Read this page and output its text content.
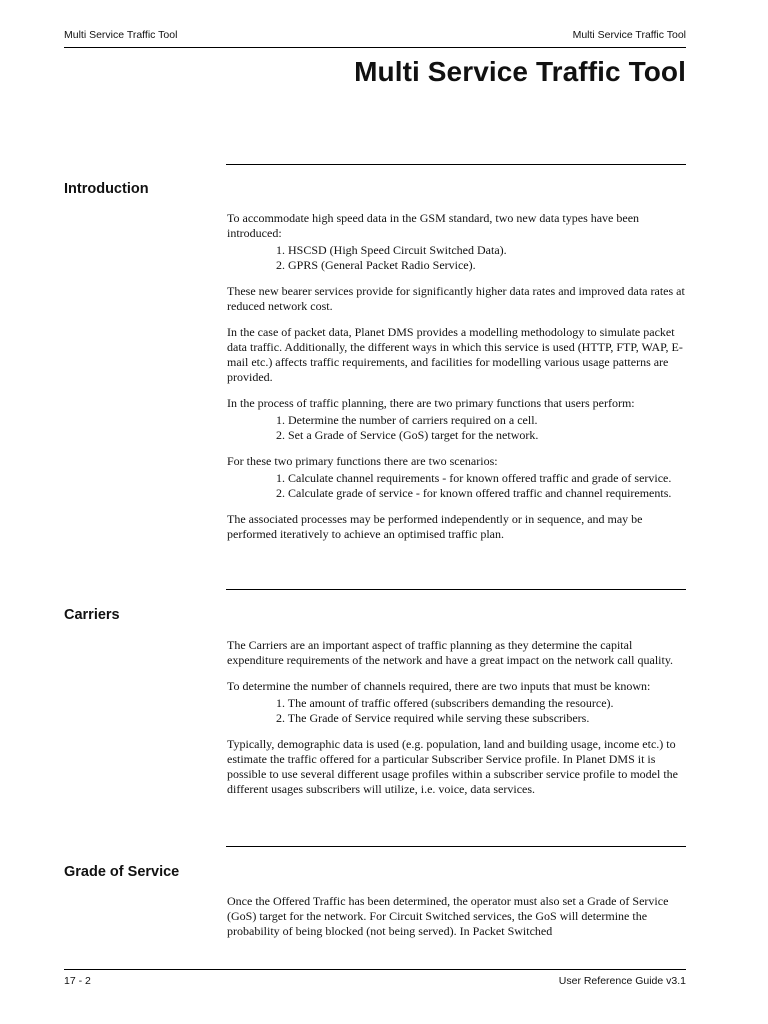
Multi Service Traffic Tool	Multi Service Traffic Tool
Multi Service Traffic Tool
Introduction

To accommodate high speed data in the GSM standard, two new data types have been introduced:

1. HSCSD (High Speed Circuit Switched Data).
2. GPRS (General Packet Radio Service).

These new bearer services provide for significantly higher data rates and improved data rates at reduced network cost.

In the case of packet data, Planet DMS provides a modelling methodology to simulate packet data traffic. Additionally, the different ways in which this service is used (HTTP, FTP, WAP, E-mail etc.) affects traffic requirements, and facilities for modelling various usage patterns are provided.

In the process of traffic planning, there are two primary functions that users perform:

1. Determine the number of carriers required on a cell.
2. Set a Grade of Service (GoS) target for the network.

For these two primary functions there are two scenarios:

1. Calculate channel requirements - for known offered traffic and grade of service.
2. Calculate grade of service - for known offered traffic and channel requirements.

The associated processes may be performed independently or in sequence, and may be performed iteratively to achieve an optimised traffic plan.

Carriers

The Carriers are an important aspect of traffic planning as they determine the capital expenditure requirements of the network and have a great impact on the network call quality.

To determine the number of channels required, there are two inputs that must be known:

1. The amount of traffic offered (subscribers demanding the resource).
2. The Grade of Service required while serving these subscribers.

Typically, demographic data is used (e.g. population, land and building usage, income etc.) to estimate the traffic offered for a particular Subscriber Service profile. In Planet DMS it is possible to use several different usage profiles within a subscriber service profile to model the different usages subscribers will utilize, i.e. voice, data services.

Grade of Service

Once the Offered Traffic has been determined, the operator must also set a Grade of Service (GoS) target for the network. For Circuit Switched services, the GoS will determine the probability of being blocked (not being served). In Packet Switched

17 - 2	User Reference Guide v3.1
